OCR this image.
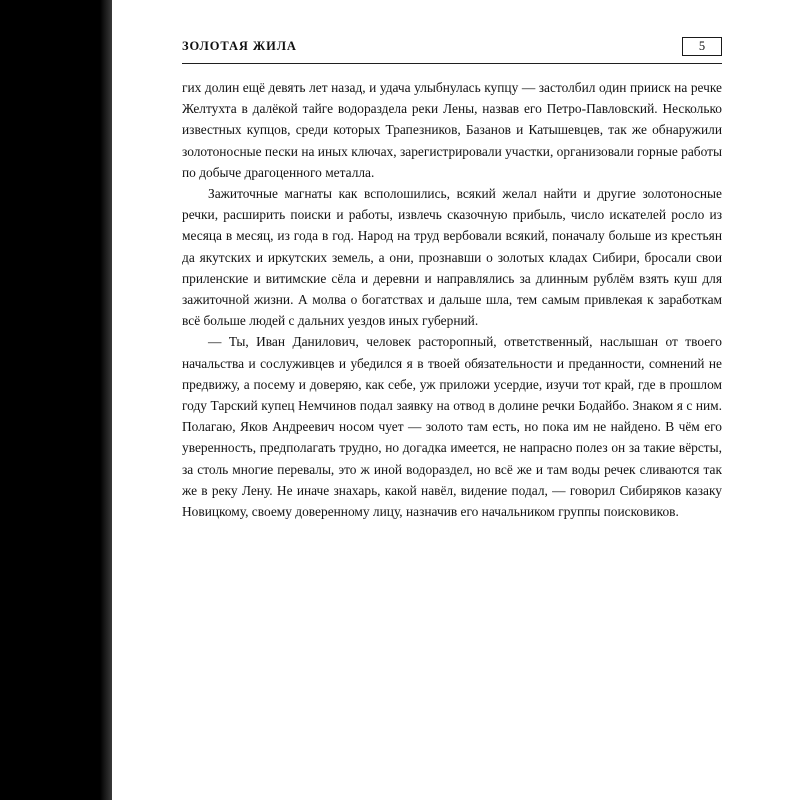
ЗОЛОТАЯ ЖИЛА	5

гих долин ещё девять лет назад, и удача улыбнулась купцу — застолбил один прииск на речке Желтухта в далёкой тайге водораздела реки Лены, назвав его Петро-Павловский. Несколько известных купцов, среди которых Трапезников, Базанов и Катышевцев, так же обнаружили золотоносные пески на иных ключах, зарегистрировали участки, организовали горные работы по добыче драгоценного металла.

Зажиточные магнаты как всполошились, всякий желал найти и другие золотоносные речки, расширить поиски и работы, извлечь сказочную прибыль, число искателей росло из месяца в месяц, из года в год. Народ на труд вербовали всякий, поначалу больше из крестьян да якутских и иркутских земель, а они, прознавши о золотых кладах Сибири, бросали свои приленские и витимские сёла и деревни и направлялись за длинным рублём взять куш для зажиточной жизни. А молва о богатствах и дальше шла, тем самым привлекая к заработкам всё больше людей с дальних уездов иных губерний.

— Ты, Иван Данилович, человек расторопный, ответственный, наслышан от твоего начальства и сослуживцев и убедился я в твоей обязательности и преданности, сомнений не предвижу, а посему и доверяю, как себе, уж приложи усердие, изучи тот край, где в прошлом году Тарский купец Немчинов подал заявку на отвод в долине речки Бодайбо. Знаком я с ним. Полагаю, Яков Андреевич носом чует — золото там есть, но пока им не найдено. В чём его уверенность, предполагать трудно, но догадка имеется, не напрасно полез он за такие вёрсты, за столь многие перевалы, это ж иной водораздел, но всё же и там воды речек сливаются так же в реку Лену. Не иначе знахарь, какой навёл, видение подал, — говорил Сибиряков казаку Новицкому, своему доверенному лицу, назначив его начальником группы поисковиков.
